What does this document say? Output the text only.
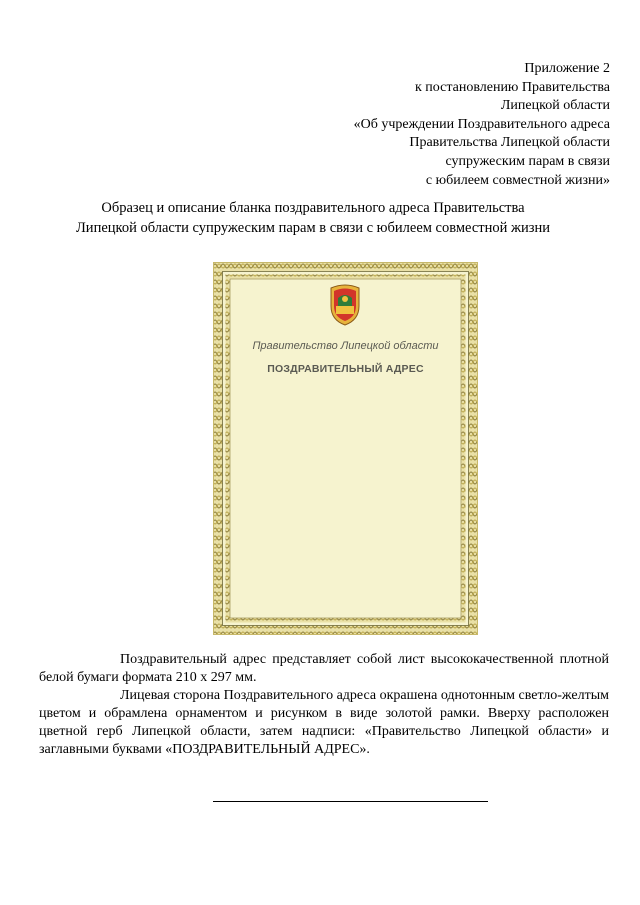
Приложение 2
к постановлению Правительства
Липецкой области
«Об учреждении Поздравительного адреса
Правительства Липецкой области
супружеским парам в связи
с юбилеем совместной жизни»
Образец и описание бланка поздравительного адреса Правительства
Липецкой области супружеским парам в связи с юбилеем совместной жизни
Правительство Липецкой области
ПОЗДРАВИТЕЛЬНЫЙ АДРЕС

Поздравительный адрес представляет собой лист высококачественной плотной белой бумаги формата 210 х 297 мм.

Лицевая сторона Поздравительного адреса окрашена однотонным светло-желтым цветом и обрамлена орнаментом и рисунком в виде золотой рамки. Вверху расположен цветной герб Липецкой области, затем надписи: «Правительство Липецкой области» и заглавными буквами «ПОЗДРАВИТЕЛЬНЫЙ АДРЕС».
